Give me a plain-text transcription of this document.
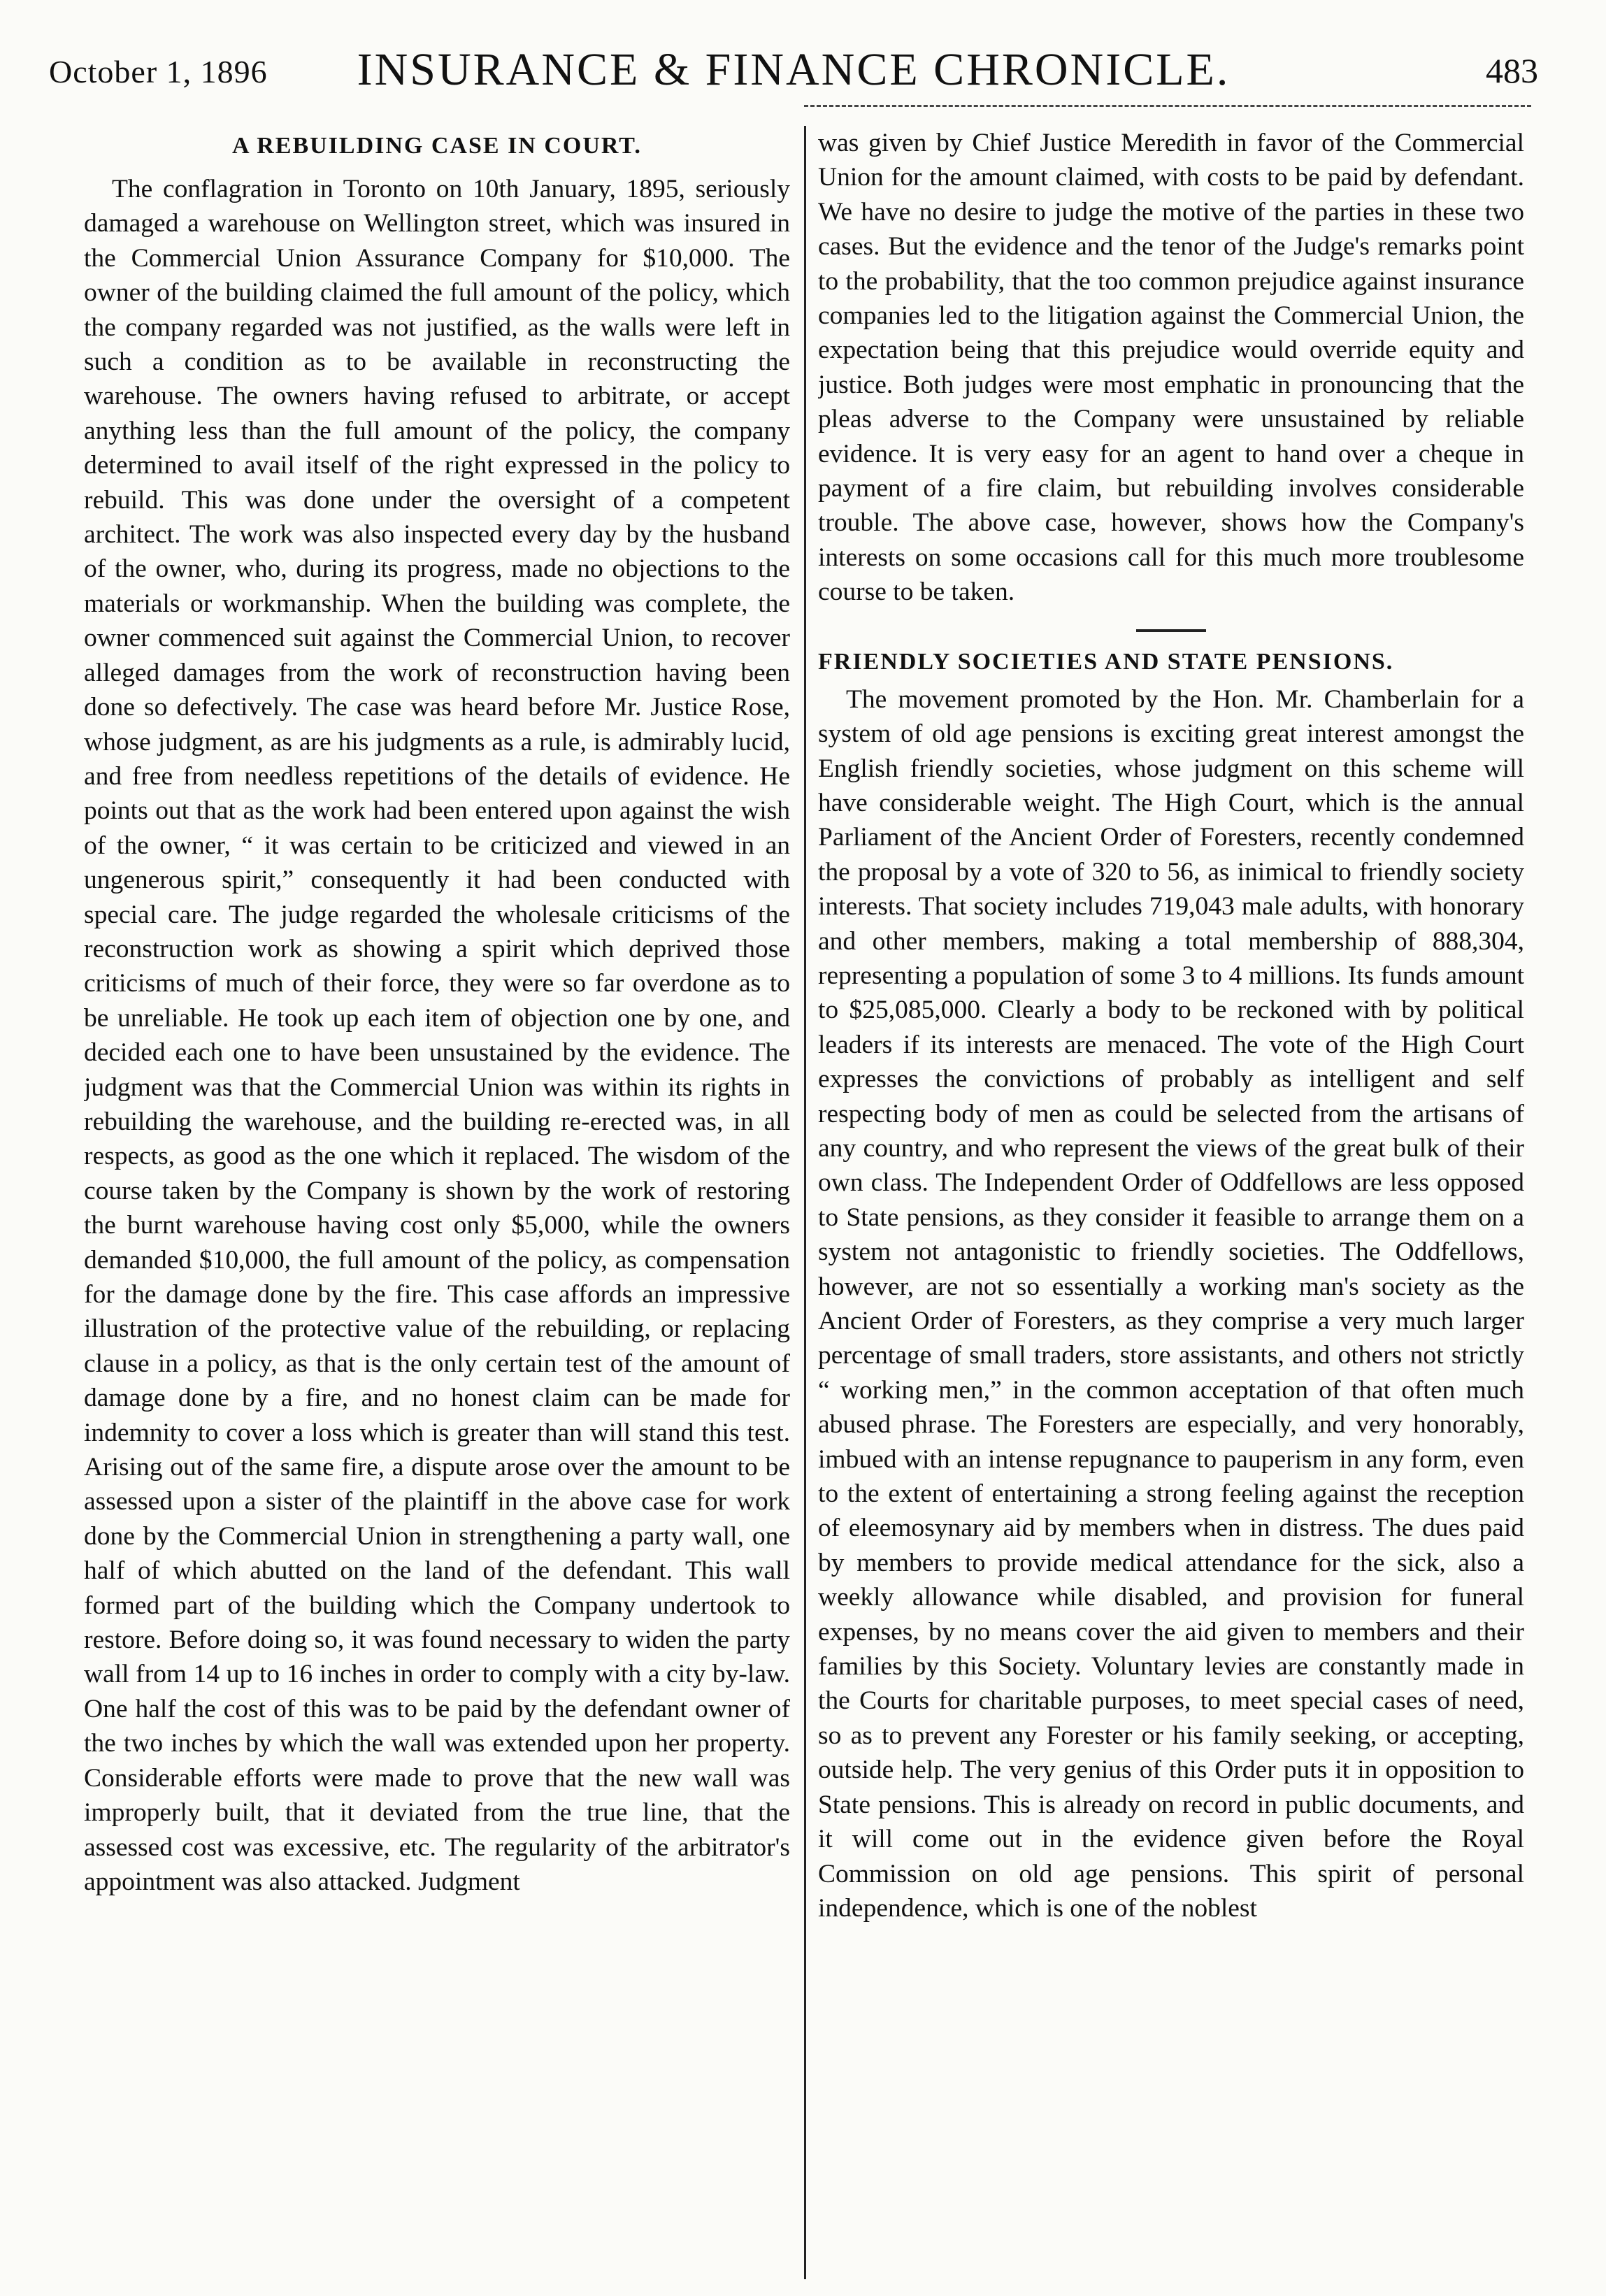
October 1, 1896	INSURANCE & FINANCE CHRONICLE.	483
A REBUILDING CASE IN COURT.

The conflagration in Toronto on 10th January, 1895, seriously damaged a warehouse on Wellington street, which was insured in the Commercial Union Assurance Company for $10,000. The owner of the building claimed the full amount of the policy, which the company regarded was not justified, as the walls were left in such a condition as to be available in reconstructing the warehouse. The owners having refused to arbitrate, or accept anything less than the full amount of the policy, the company determined to avail itself of the right expressed in the policy to rebuild. This was done under the oversight of a competent architect. The work was also inspected every day by the husband of the owner, who, during its progress, made no objections to the materials or workmanship. When the building was complete, the owner commenced suit against the Commercial Union, to recover alleged damages from the work of reconstruction having been done so defectively. The case was heard before Mr. Justice Rose, whose judgment, as are his judgments as a rule, is admirably lucid, and free from needless repetitions of the details of evidence. He points out that as the work had been entered upon against the wish of the owner, “ it was certain to be criticized and viewed in an ungenerous spirit,” consequently it had been conducted with special care. The judge regarded the wholesale criticisms of the reconstruction work as showing a spirit which deprived those criticisms of much of their force, they were so far overdone as to be unreliable. He took up each item of objection one by one, and decided each one to have been unsustained by the evidence. The judgment was that the Commercial Union was within its rights in rebuilding the warehouse, and the building re-erected was, in all respects, as good as the one which it replaced. The wisdom of the course taken by the Company is shown by the work of restoring the burnt warehouse having cost only $5,000, while the owners demanded $10,000, the full amount of the policy, as compensation for the damage done by the fire. This case affords an impressive illustration of the protective value of the rebuilding, or replacing clause in a policy, as that is the only certain test of the amount of damage done by a fire, and no honest claim can be made for indemnity to cover a loss which is greater than will stand this test. Arising out of the same fire, a dispute arose over the amount to be assessed upon a sister of the plaintiff in the above case for work done by the Commercial Union in strengthening a party wall, one half of which abutted on the land of the defendant. This wall formed part of the building which the Company undertook to restore. Before doing so, it was found necessary to widen the party wall from 14 up to 16 inches in order to comply with a city by-law. One half the cost of this was to be paid by the defendant owner of the two inches by which the wall was extended upon her property. Considerable efforts were made to prove that the new wall was improperly built, that it deviated from the true line, that the assessed cost was excessive, etc. The regularity of the arbitrator's appointment was also attacked. Judgment

was given by Chief Justice Meredith in favor of the Commercial Union for the amount claimed, with costs to be paid by defendant. We have no desire to judge the motive of the parties in these two cases. But the evidence and the tenor of the Judge's remarks point to the probability, that the too common prejudice against insurance companies led to the litigation against the Commercial Union, the expectation being that this prejudice would override equity and justice. Both judges were most emphatic in pronouncing that the pleas adverse to the Company were unsustained by reliable evidence. It is very easy for an agent to hand over a cheque in payment of a fire claim, but rebuilding involves considerable trouble. The above case, however, shows how the Company's interests on some occasions call for this much more troublesome course to be taken.

FRIENDLY SOCIETIES AND STATE PENSIONS.

The movement promoted by the Hon. Mr. Chamberlain for a system of old age pensions is exciting great interest amongst the English friendly societies, whose judgment on this scheme will have considerable weight. The High Court, which is the annual Parliament of the Ancient Order of Foresters, recently condemned the proposal by a vote of 320 to 56, as inimical to friendly society interests. That society includes 719,043 male adults, with honorary and other members, making a total membership of 888,304, representing a population of some 3 to 4 millions. Its funds amount to $25,085,000. Clearly a body to be reckoned with by political leaders if its interests are menaced. The vote of the High Court expresses the convictions of probably as intelligent and self respecting body of men as could be selected from the artisans of any country, and who represent the views of the great bulk of their own class. The Independent Order of Oddfellows are less opposed to State pensions, as they consider it feasible to arrange them on a system not antagonistic to friendly societies. The Oddfellows, however, are not so essentially a working man's society as the Ancient Order of Foresters, as they comprise a very much larger percentage of small traders, store assistants, and others not strictly “ working men,” in the common acceptation of that often much abused phrase. The Foresters are especially, and very honorably, imbued with an intense repugnance to pauperism in any form, even to the extent of entertaining a strong feeling against the reception of eleemosynary aid by members when in distress. The dues paid by members to provide medical attendance for the sick, also a weekly allowance while disabled, and provision for funeral expenses, by no means cover the aid given to members and their families by this Society. Voluntary levies are constantly made in the Courts for charitable purposes, to meet special cases of need, so as to prevent any Forester or his family seeking, or accepting, outside help. The very genius of this Order puts it in opposition to State pensions. This is already on record in public documents, and it will come out in the evidence given before the Royal Commission on old age pensions. This spirit of personal independence, which is one of the noblest
